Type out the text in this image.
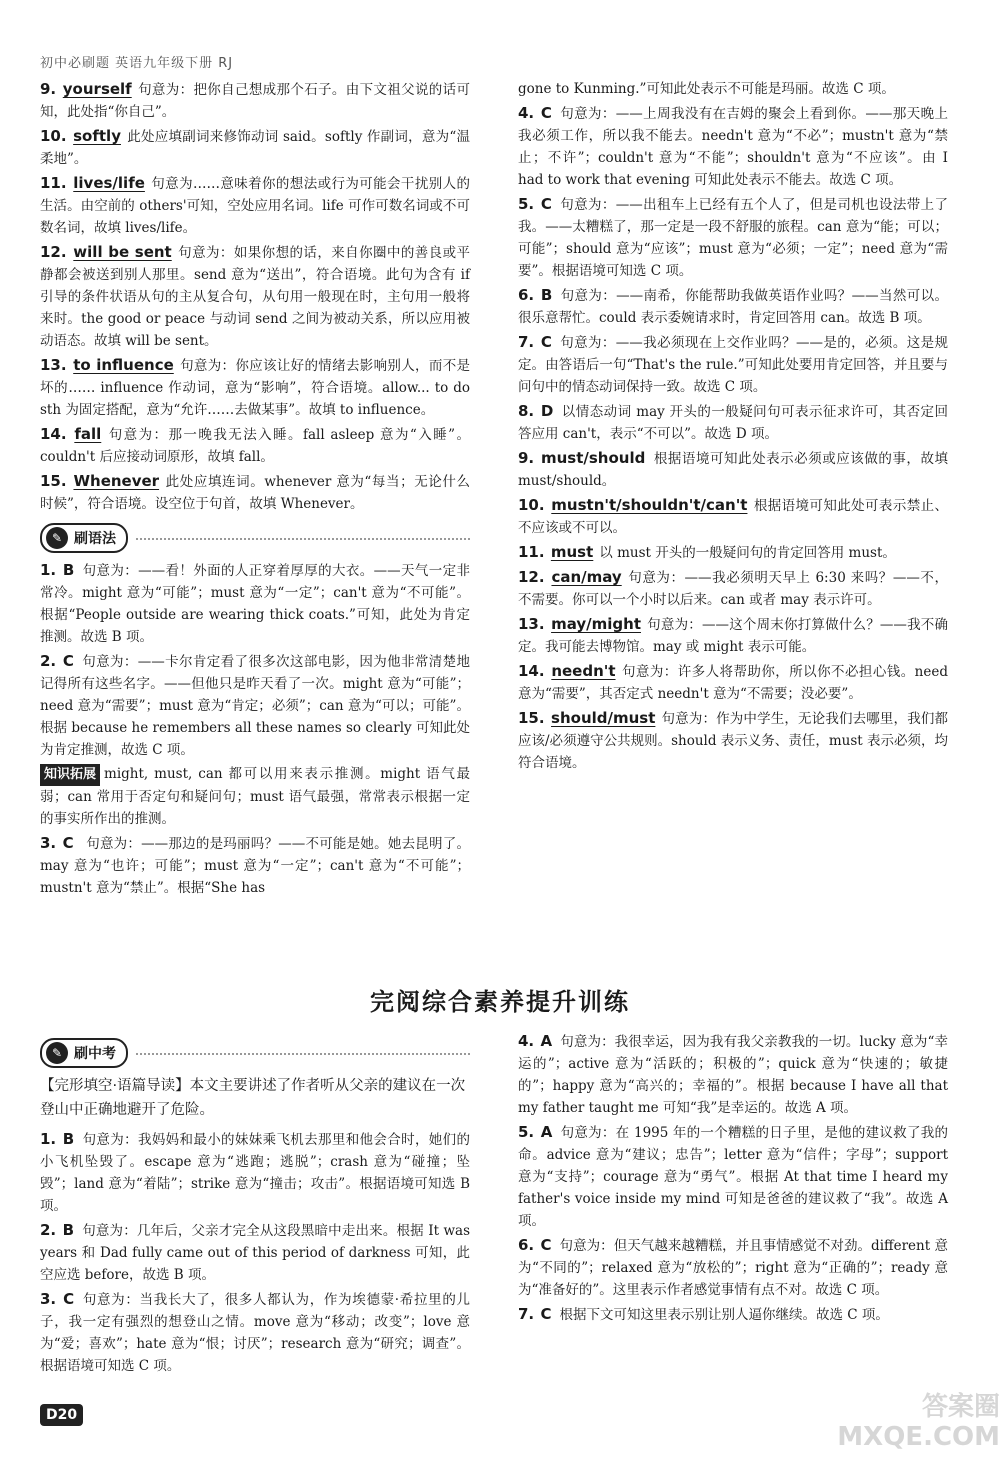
初中必刷题 英语九年级下册 RJ

9. yourself 句意为：把你自己想成那个石子。由下文祖父说的话可知，此处指“你自己”。

10. softly 此处应填副词来修饰动词 said。softly 作副词，意为“温柔地”。

11. lives/life 句意为……意味着你的想法或行为可能会干扰别人的生活。由空前的 others'可知，空处应用名词。life 可作可数名词或不可数名词，故填 lives/life。

12. will be sent 句意为：如果你想的话，来自你圈中的善良或平静都会被送到别人那里。send 意为“送出”，符合语境。此句为含有 if 引导的条件状语从句的主从复合句，从句用一般现在时，主句用一般将来时。the good or peace 与动词 send 之间为被动关系，所以应用被动语态。故填 will be sent。

13. to influence 句意为：你应该让好的情绪去影响别人，而不是坏的…… influence 作动词，意为“影响”，符合语境。allow... to do sth 为固定搭配，意为“允许……去做某事”。故填 to influence。

14. fall 句意为：那一晚我无法入睡。fall asleep 意为“入睡”。couldn't 后应接动词原形，故填 fall。

15. Whenever 此处应填连词。whenever 意为“每当；无论什么时候”，符合语境。设空位于句首，故填 Whenever。

✎ 刷语法

1. B 句意为：——看！外面的人正穿着厚厚的大衣。——天气一定非常冷。might 意为“可能”；must 意为“一定”；can't 意为“不可能”。根据“People outside are wearing thick coats.”可知，此处为肯定推测。故选 B 项。

2. C 句意为：——卡尔肯定看了很多次这部电影，因为他非常清楚地记得所有这些名字。——但他只是昨天看了一次。might 意为“可能”；need 意为“需要”；must 意为“肯定；必须”；can 意为“可以；可能”。根据 because he remembers all these names so clearly 可知此处为肯定推测，故选 C 项。

知识拓展 might, must, can 都可以用来表示推测。might 语气最弱；can 常用于否定句和疑问句；must 语气最强，常常表示根据一定的事实所作出的推测。

3. C 句意为：——那边的是玛丽吗？——不可能是她。她去昆明了。may 意为“也许；可能”；must 意为“一定”；can't 意为“不可能”；mustn't 意为“禁止”。根据“She has

gone to Kunming.”可知此处表示不可能是玛丽。故选 C 项。

4. C 句意为：——上周我没有在吉姆的聚会上看到你。——那天晚上我必须工作，所以我不能去。needn't 意为“不必”；mustn't 意为“禁止；不许”；couldn't 意为“不能”；shouldn't 意为“不应该”。由 I had to work that evening 可知此处表示不能去。故选 C 项。

5. C 句意为：——出租车上已经有五个人了，但是司机也设法带上了我。——太糟糕了，那一定是一段不舒服的旅程。can 意为“能；可以；可能”；should 意为“应该”；must 意为“必须；一定”；need 意为“需要”。根据语境可知选 C 项。

6. B 句意为：——南希，你能帮助我做英语作业吗？——当然可以。很乐意帮忙。could 表示委婉请求时，肯定回答用 can。故选 B 项。

7. C 句意为：——我必须现在上交作业吗？——是的，必须。这是规定。由答语后一句“That's the rule.”可知此处要用肯定回答，并且要与问句中的情态动词保持一致。故选 C 项。

8. D 以情态动词 may 开头的一般疑问句可表示征求许可，其否定回答应用 can't，表示“不可以”。故选 D 项。

9. must/should 根据语境可知此处表示必须或应该做的事，故填 must/should。

10. mustn't/shouldn't/can't 根据语境可知此处可表示禁止、不应该或不可以。

11. must 以 must 开头的一般疑问句的肯定回答用 must。

12. can/may 句意为：——我必须明天早上 6:30 来吗？——不，不需要。你可以一个小时以后来。can 或者 may 表示许可。

13. may/might 句意为：——这个周末你打算做什么？——我不确定。我可能去博物馆。may 或 might 表示可能。

14. needn't 句意为：许多人将帮助你，所以你不必担心钱。need 意为“需要”，其否定式 needn't 意为“不需要；没必要”。

15. should/must 句意为：作为中学生，无论我们去哪里，我们都应该/必须遵守公共规则。should 表示义务、责任，must 表示必须，均符合语境。

完阅综合素养提升训练
✎ 刷中考

【完形填空·语篇导读】本文主要讲述了作者听从父亲的建议在一次登山中正确地避开了危险。

1. B 句意为：我妈妈和最小的妹妹乘飞机去那里和他会合时，她们的小飞机坠毁了。escape 意为“逃跑；逃脱”；crash 意为“碰撞；坠毁”；land 意为“着陆”；strike 意为“撞击；攻击”。根据语境可知选 B 项。

2. B 句意为：几年后，父亲才完全从这段黑暗中走出来。根据 It was years 和 Dad fully came out of this period of darkness 可知，此空应选 before，故选 B 项。

3. C 句意为：当我长大了，很多人都认为，作为埃德蒙·希拉里的儿子，我一定有强烈的想登山之情。move 意为“移动；改变”；love 意为“爱；喜欢”；hate 意为“恨；讨厌”；research 意为“研究；调查”。根据语境可知选 C 项。

4. A 句意为：我很幸运，因为我有我父亲教我的一切。lucky 意为“幸运的”；active 意为“活跃的；积极的”；quick 意为“快速的；敏捷的”；happy 意为“高兴的；幸福的”。根据 because I have all that my father taught me 可知“我”是幸运的。故选 A 项。

5. A 句意为：在 1995 年的一个糟糕的日子里，是他的建议救了我的命。advice 意为“建议；忠告”；letter 意为“信件；字母”；support 意为“支持”；courage 意为“勇气”。根据 At that time I heard my father's voice inside my mind 可知是爸爸的建议救了“我”。故选 A 项。

6. C 句意为：但天气越来越糟糕，并且事情感觉不对劲。different 意为“不同的”；relaxed 意为“放松的”；right 意为“正确的”；ready 意为“准备好的”。这里表示作者感觉事情有点不对。故选 C 项。

7. C 根据下文可知这里表示别让别人逼你继续。故选 C 项。

D20	答案圈 MXQE.COM
